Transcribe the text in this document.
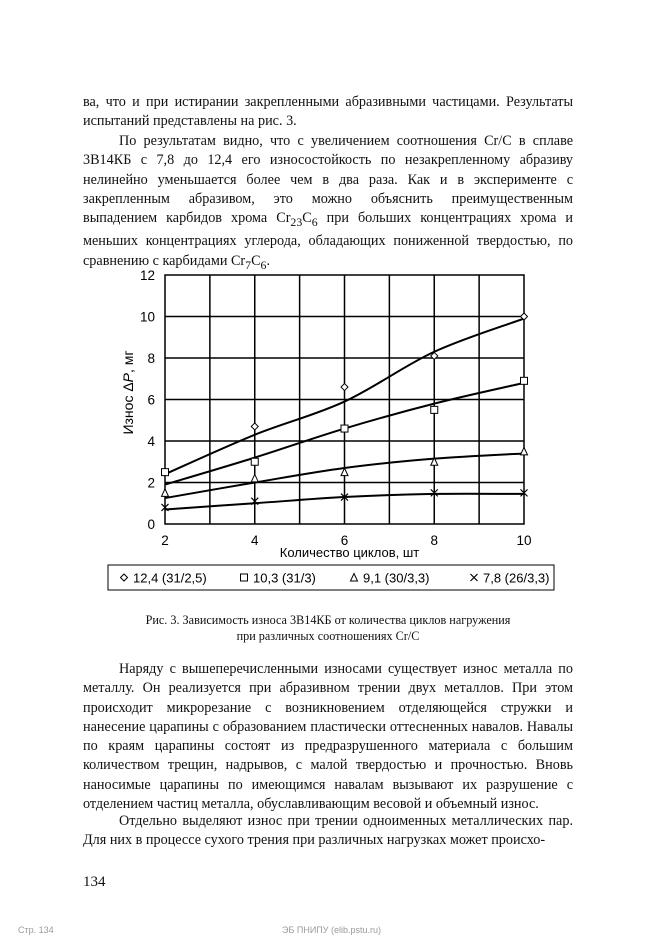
ва, что и при истирании закрепленными абразивными частицами. Результаты испытаний представлены на рис. 3.

По результатам видно, что с увеличением соотношения Cr/C в сплаве 3В14КБ с 7,8 до 12,4 его износостойкость по незакрепленному абразиву нелинейно уменьшается более чем в два раза. Как и в эксперименте с закрепленным абразивом, это можно объяснить преимущественным выпадением карбидов хрома $Cr_{23}C_6$ при больших концентрациях хрома и меньших концентрациях углерода, обладающих пониженной твердостью, по сравнению с карбидами $Cr_7C_6$.

0
2
4
6
8
10
12
2	4	6	8	10
Количество циклов, шт
Износ ΔP, мг
12,4 (31/2,5)	10,3 (31/3)	9,1 (30/3,3)	7,8 (26/3,3)

Рис. 3. Зависимость износа 3В14КБ от количества циклов нагружения
при различных соотношениях Cr/C

Наряду с вышеперечисленными износами существует износ металла по металлу. Он реализуется при абразивном трении двух металлов. При этом происходит микрорезание с возникновением отделяющейся стружки и нанесение царапины с образованием пластически оттесненных навалов. Навалы по краям царапины состоят из предразрушенного материала с большим количеством трещин, надрывов, с малой твердостью и прочностью. Вновь наносимые царапины по имеющимся навалам вызывают их разрушение с отделением частиц металла, обуславливающим весовой и объемный износ.

Отдельно выделяют износ при трении одноименных металлических пар. Для них в процессе сухого трения при различных нагрузках может происхо-

134
Стр. 134	ЭБ ПНИПУ (elib.pstu.ru)
